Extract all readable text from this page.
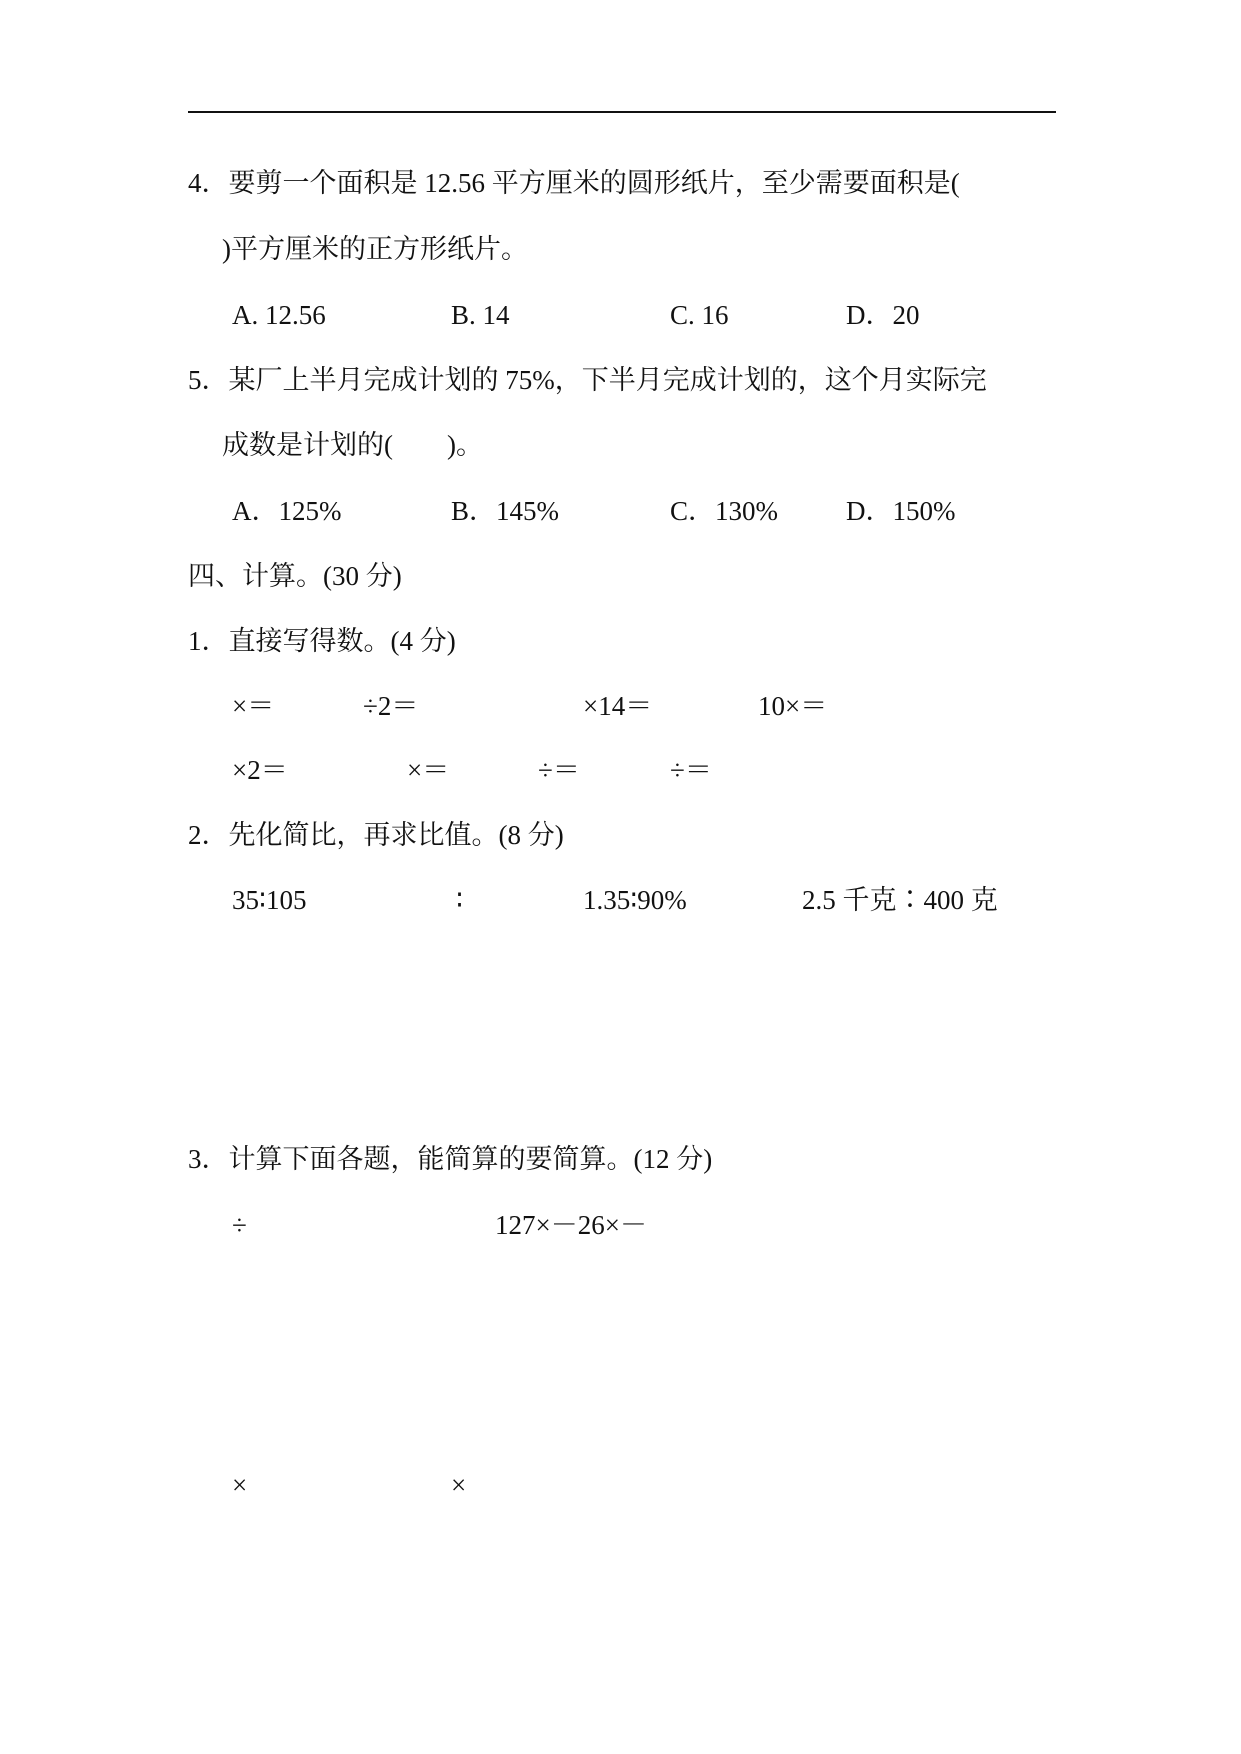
4．要剪一个面积是 12.56 平方厘米的圆形纸片，至少需要面积是(
)平方厘米的正方形纸片。
A. 12.56	B. 14	C. 16	D．20
5．某厂上半月完成计划的 75%，下半月完成计划的，这个月实际完
成数是计划的(　　)。
A．125%	B．145%	C．130%	D．150%
四、计算。(30 分)
1．直接写得数。(4 分)
×＝	÷2＝	×14＝	10×＝
×2＝	×＝	÷＝	÷＝
2．先化简比，再求比值。(8 分)
35∶105	∶	1.35∶90%	2.5 千克∶400 克
3．计算下面各题，能简算的要简算。(12 分)
÷	127×－26×－
×	×
